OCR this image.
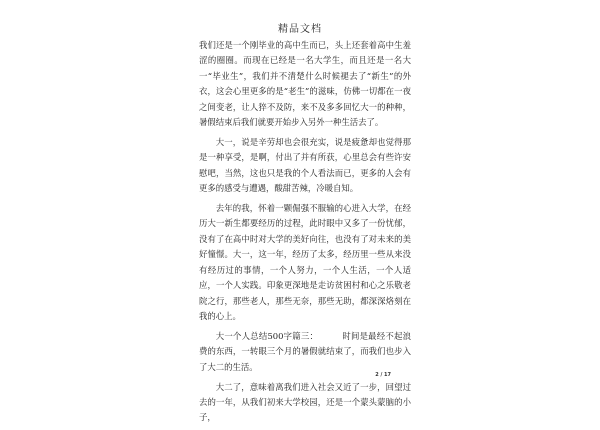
精品文档

我们还是一个刚毕业的高中生而已，头上还套着高中生羞涩的圈圈。而现在已经是一名大学生，而且还是一名大一“毕业生”，我们并不清楚什么时候褪去了“新生”的外衣，这会心里更多的是“老生”的滋味，仿佛一切都在一夜之间变老，让人猝不及防，来不及多多回忆大一的种种，暑假结束后我们就要开始步入另外一种生活去了。

大一，说是辛劳却也会很充实，说是疲惫却也觉得那是一种享受，是啊，付出了并有所获，心里总会有些许安慰吧，当然，这也只是我的个人看法而已，更多的人会有更多的感受与遭遇，酸甜苦辣，冷暖自知。

去年的我，怀着一颗倔强不服输的心进入大学，在经历大一新生都要经历的过程，此时眼中又多了一份忧郁，没有了在高中时对大学的美好向往，也没有了对未来的美好憧憬。大一，这一年，经历了太多，经历里一些从来没有经历过的事情，一个人努力，一个人生活，一个人适应，一个人实践。印象更深地是走访贫困村和心之乐敬老院之行，那些老人，那些无奈，那些无助，都深深烙刻在我的心上。

大一个人总结500字篇三：	时间是最经不起浪费的东西，一转眼三个月的暑假就结束了，而我们也步入了大二的生活。

大二了，意味着离我们进入社会又近了一步，回望过去的一年，从我们初来大学校园，还是一个蒙头蒙脑的小子，

2 / 17
